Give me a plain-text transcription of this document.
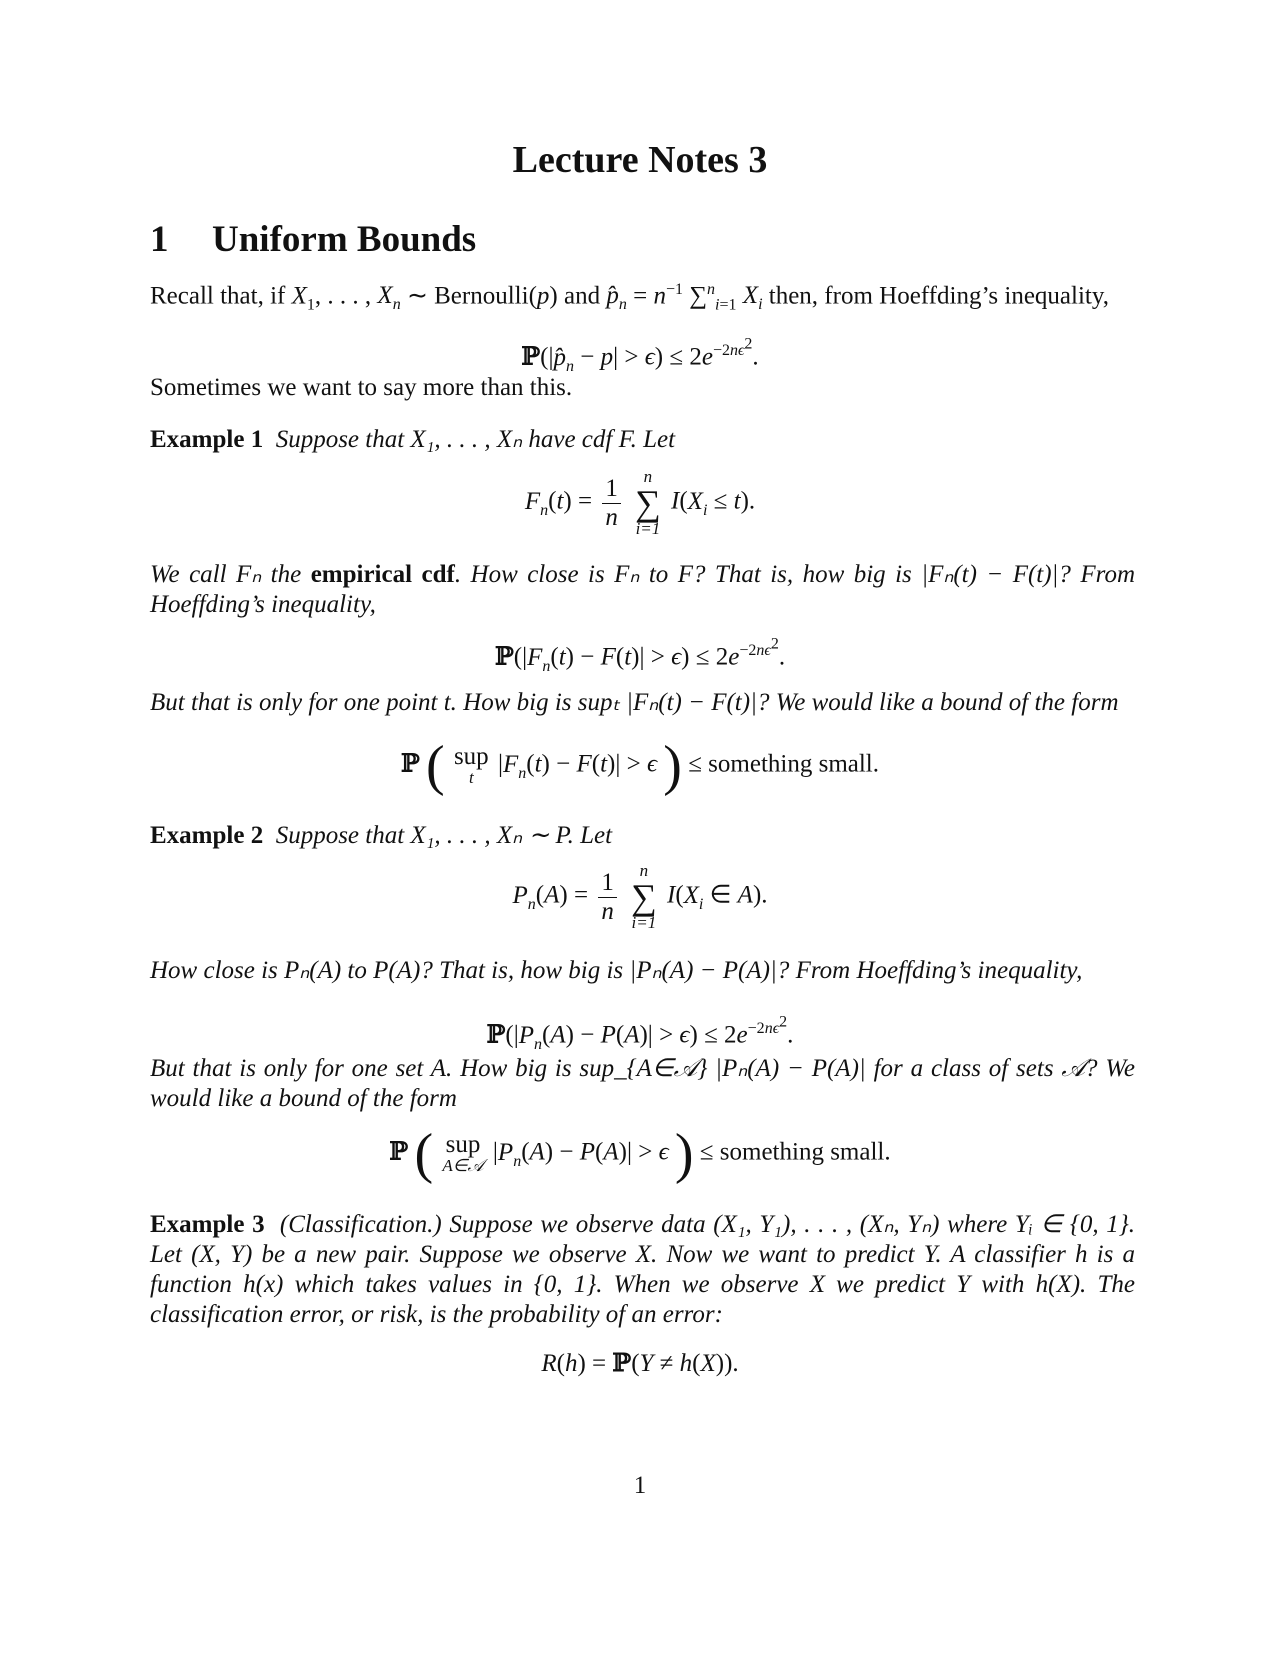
Lecture Notes 3
1 Uniform Bounds
Recall that, if $X_1$, . . . , $X_n$ ∼ Bernoulli(p) and $p̂_n = n^{-1}$ ∑$^n_{i=1}$ $X_i$ then, from Hoeffding’s inequality,
$ℙ(|p̂_n - p| > \epsilon) \le 2e^{-2n\epsilon^2}$.
Sometimes we want to say more than this.
Example 1 Suppose that X₁, . . . , Xₙ have cdf F. Let
$F_n(t) = \frac{1}{n}$
	n
∑
i=1
$I(X_i \le t)$.
We call Fₙ the empirical cdf. How close is Fₙ to F? That is, how big is |Fₙ(t) − F(t)|? From Hoeffding’s inequality,
$ℙ(|F_n(t) - F(t)| > \epsilon) \le 2e^{-2n\epsilon^2}$.
But that is only for one point t. How big is supₜ |Fₙ(t) − F(t)|? We would like a bound of the form
ℙ ( sup
t $|F_n(t) - F(t)| > \epsilon$ ) ≤ something small.
Example 2 Suppose that X₁, . . . , Xₙ ∼ P. Let
$P_n(A) = \frac{1}{n}$
	n
∑
i=1
$I(X_i$ ∈ A).
How close is Pₙ(A) to P(A)? That is, how big is |Pₙ(A) − P(A)|? From Hoeffding’s inequality,
$ℙ(|P_n(A) - P(A)| > \epsilon) \le 2e^{-2n\epsilon^2}$.
But that is only for one set A. How big is sup_{A∈𝒜} |Pₙ(A) − P(A)| for a class of sets 𝒜? We would like a bound of the form
ℙ ( sup
A∈𝒜 $|P_n(A) - P(A)| > \epsilon$ ) ≤ something small.
Example 3 (Classification.) Suppose we observe data (X₁, Y₁), . . . , (Xₙ, Yₙ) where Yᵢ ∈ {0, 1}. Let (X, Y) be a new pair. Suppose we observe X. Now we want to predict Y. A classifier h is a function h(x) which takes values in {0, 1}. When we observe X we predict Y with h(X). The classification error, or risk, is the probability of an error:
R(h) = ℙ(Y ≠ h(X)).
1
